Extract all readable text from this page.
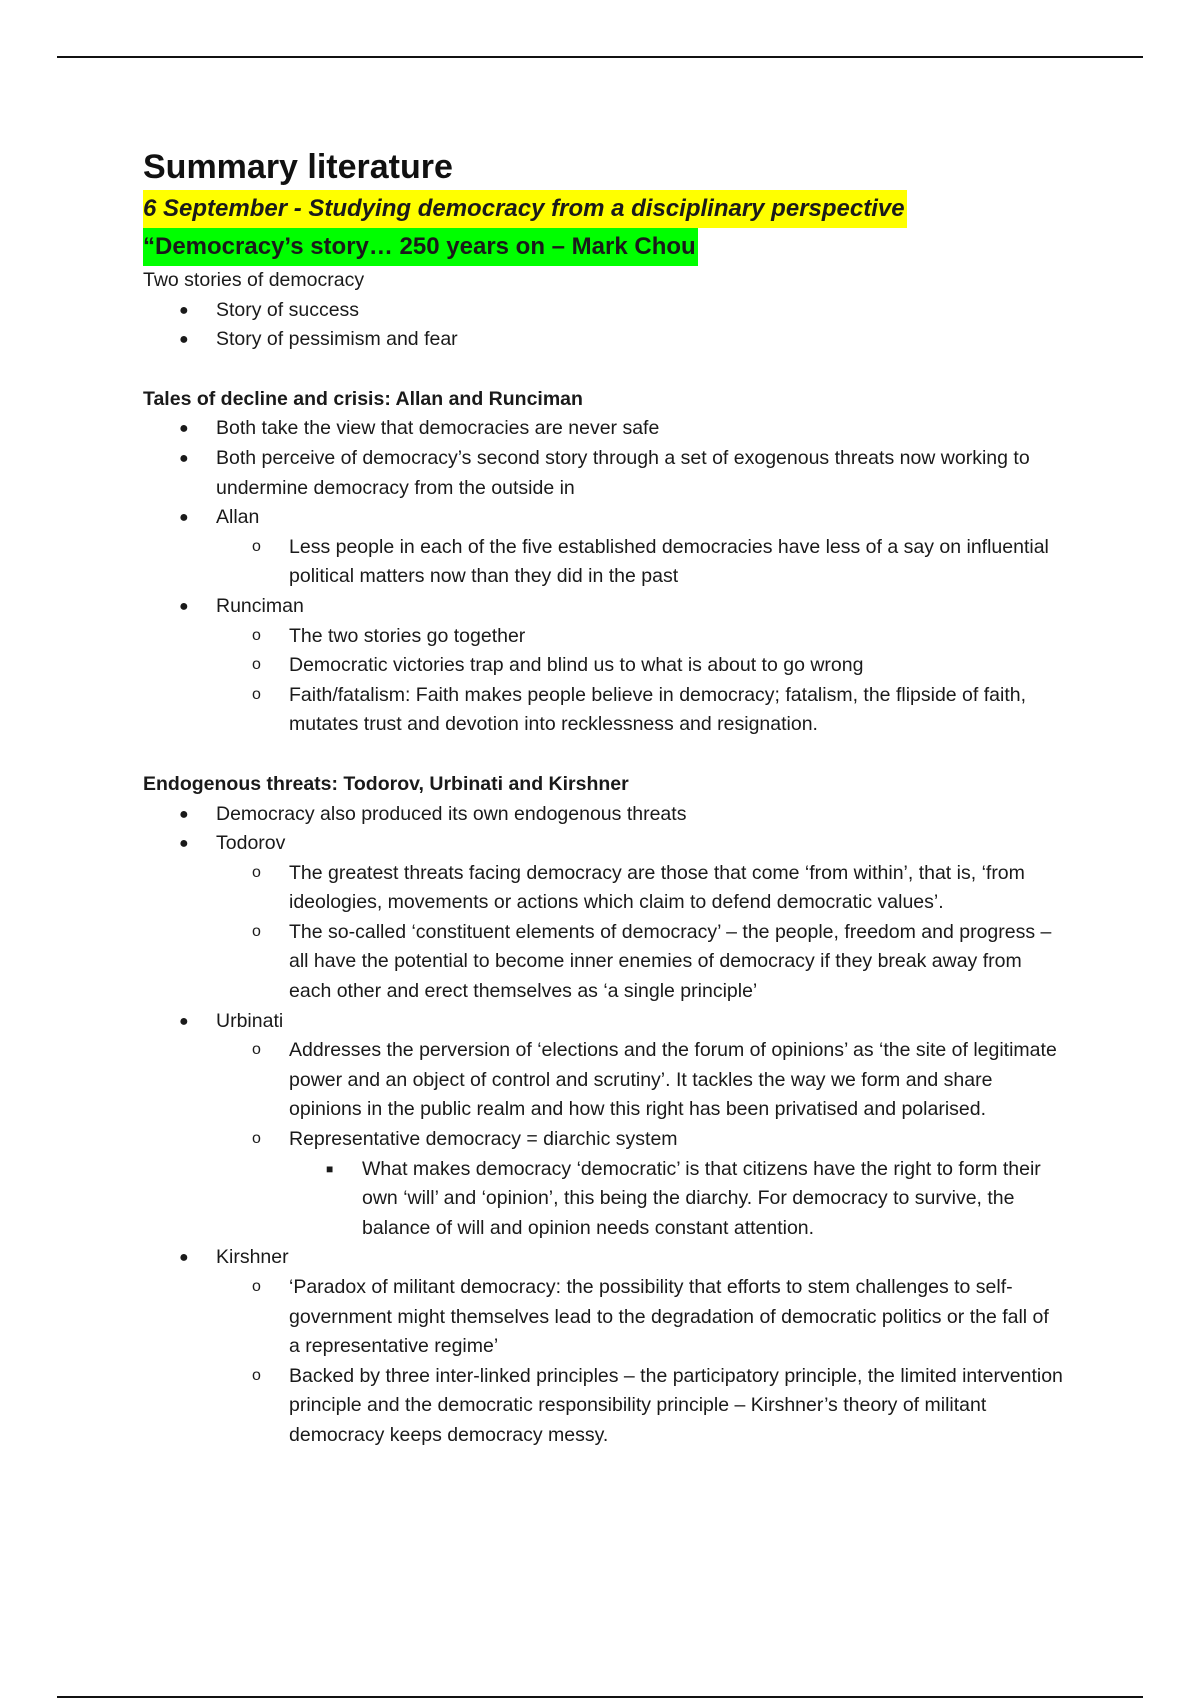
Summary literature
6 September - Studying democracy from a disciplinary perspective
“Democracy’s story… 250 years on – Mark Chou
Two stories of democracy
● Story of success
● Story of pessimism and fear
Tales of decline and crisis: Allan and Runciman
● Both take the view that democracies are never safe
● Both perceive of democracy’s second story through a set of exogenous threats now working to undermine democracy from the outside in
● Allan
o Less people in each of the five established democracies have less of a say on influential political matters now than they did in the past
● Runciman
o The two stories go together
o Democratic victories trap and blind us to what is about to go wrong
o Faith/fatalism: Faith makes people believe in democracy; fatalism, the flipside of faith, mutates trust and devotion into recklessness and resignation.
Endogenous threats: Todorov, Urbinati and Kirshner
● Democracy also produced its own endogenous threats
● Todorov
o The greatest threats facing democracy are those that come ‘from within’, that is, ‘from ideologies, movements or actions which claim to defend democratic values’.
o The so-called ‘constituent elements of democracy’ – the people, freedom and progress – all have the potential to become inner enemies of democracy if they break away from each other and erect themselves as ‘a single principle’
● Urbinati
o Addresses the perversion of ‘elections and the forum of opinions’ as ‘the site of legitimate power and an object of control and scrutiny’. It tackles the way we form and share opinions in the public realm and how this right has been privatised and polarised.
o Representative democracy = diarchic system
■ What makes democracy ‘democratic’ is that citizens have the right to form their own ‘will’ and ‘opinion’, this being the diarchy. For democracy to survive, the balance of will and opinion needs constant attention.
● Kirshner
o ‘Paradox of militant democracy: the possibility that efforts to stem challenges to self-government might themselves lead to the degradation of democratic politics or the fall of a representative regime’
o Backed by three inter-linked principles – the participatory principle, the limited intervention principle and the democratic responsibility principle – Kirshner’s theory of militant democracy keeps democracy messy.
